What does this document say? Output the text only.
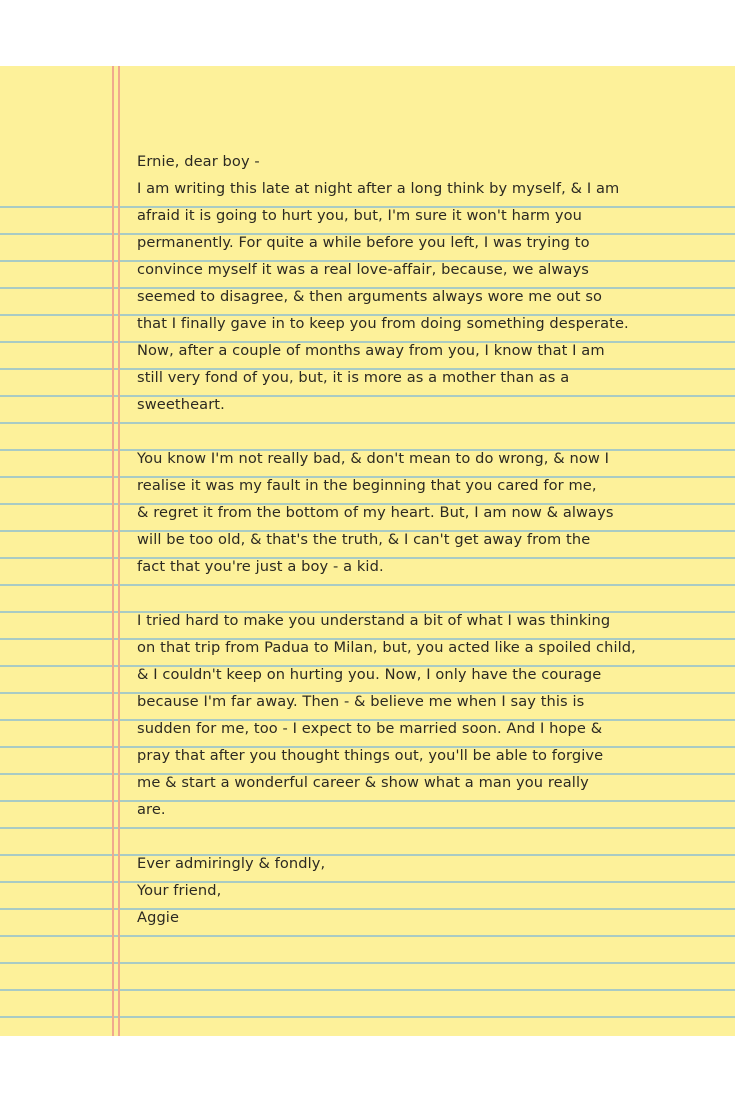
Ernie, dear boy -
I am writing this late at night after a long think by myself, & I am
afraid it is going to hurt you, but, I'm sure it won't harm you
permanently. For quite a while before you left, I was trying to
convince myself it was a real love-affair, because, we always
seemed to disagree, & then arguments always wore me out so
that I finally gave in to keep you from doing something desperate.
Now, after a couple of months away from you, I know that I am
still very fond of you, but, it is more as a mother than as a
sweetheart.
You know I'm not really bad, & don't mean to do wrong, & now I
realise it was my fault in the beginning that you cared for me,
& regret it from the bottom of my heart. But, I am now & always
will be too old, & that's the truth, & I can't get away from the
fact that you're just a boy - a kid.
I tried hard to make you understand a bit of what I was thinking
on that trip from Padua to Milan, but, you acted like a spoiled child,
& I couldn't keep on hurting you. Now, I only have the courage
because I'm far away. Then - & believe me when I say this is
sudden for me, too - I expect to be married soon. And I hope &
pray that after you thought things out, you'll be able to forgive
me & start a wonderful career & show what a man you really
are.
Ever admiringly & fondly,
Your friend,
Aggie
